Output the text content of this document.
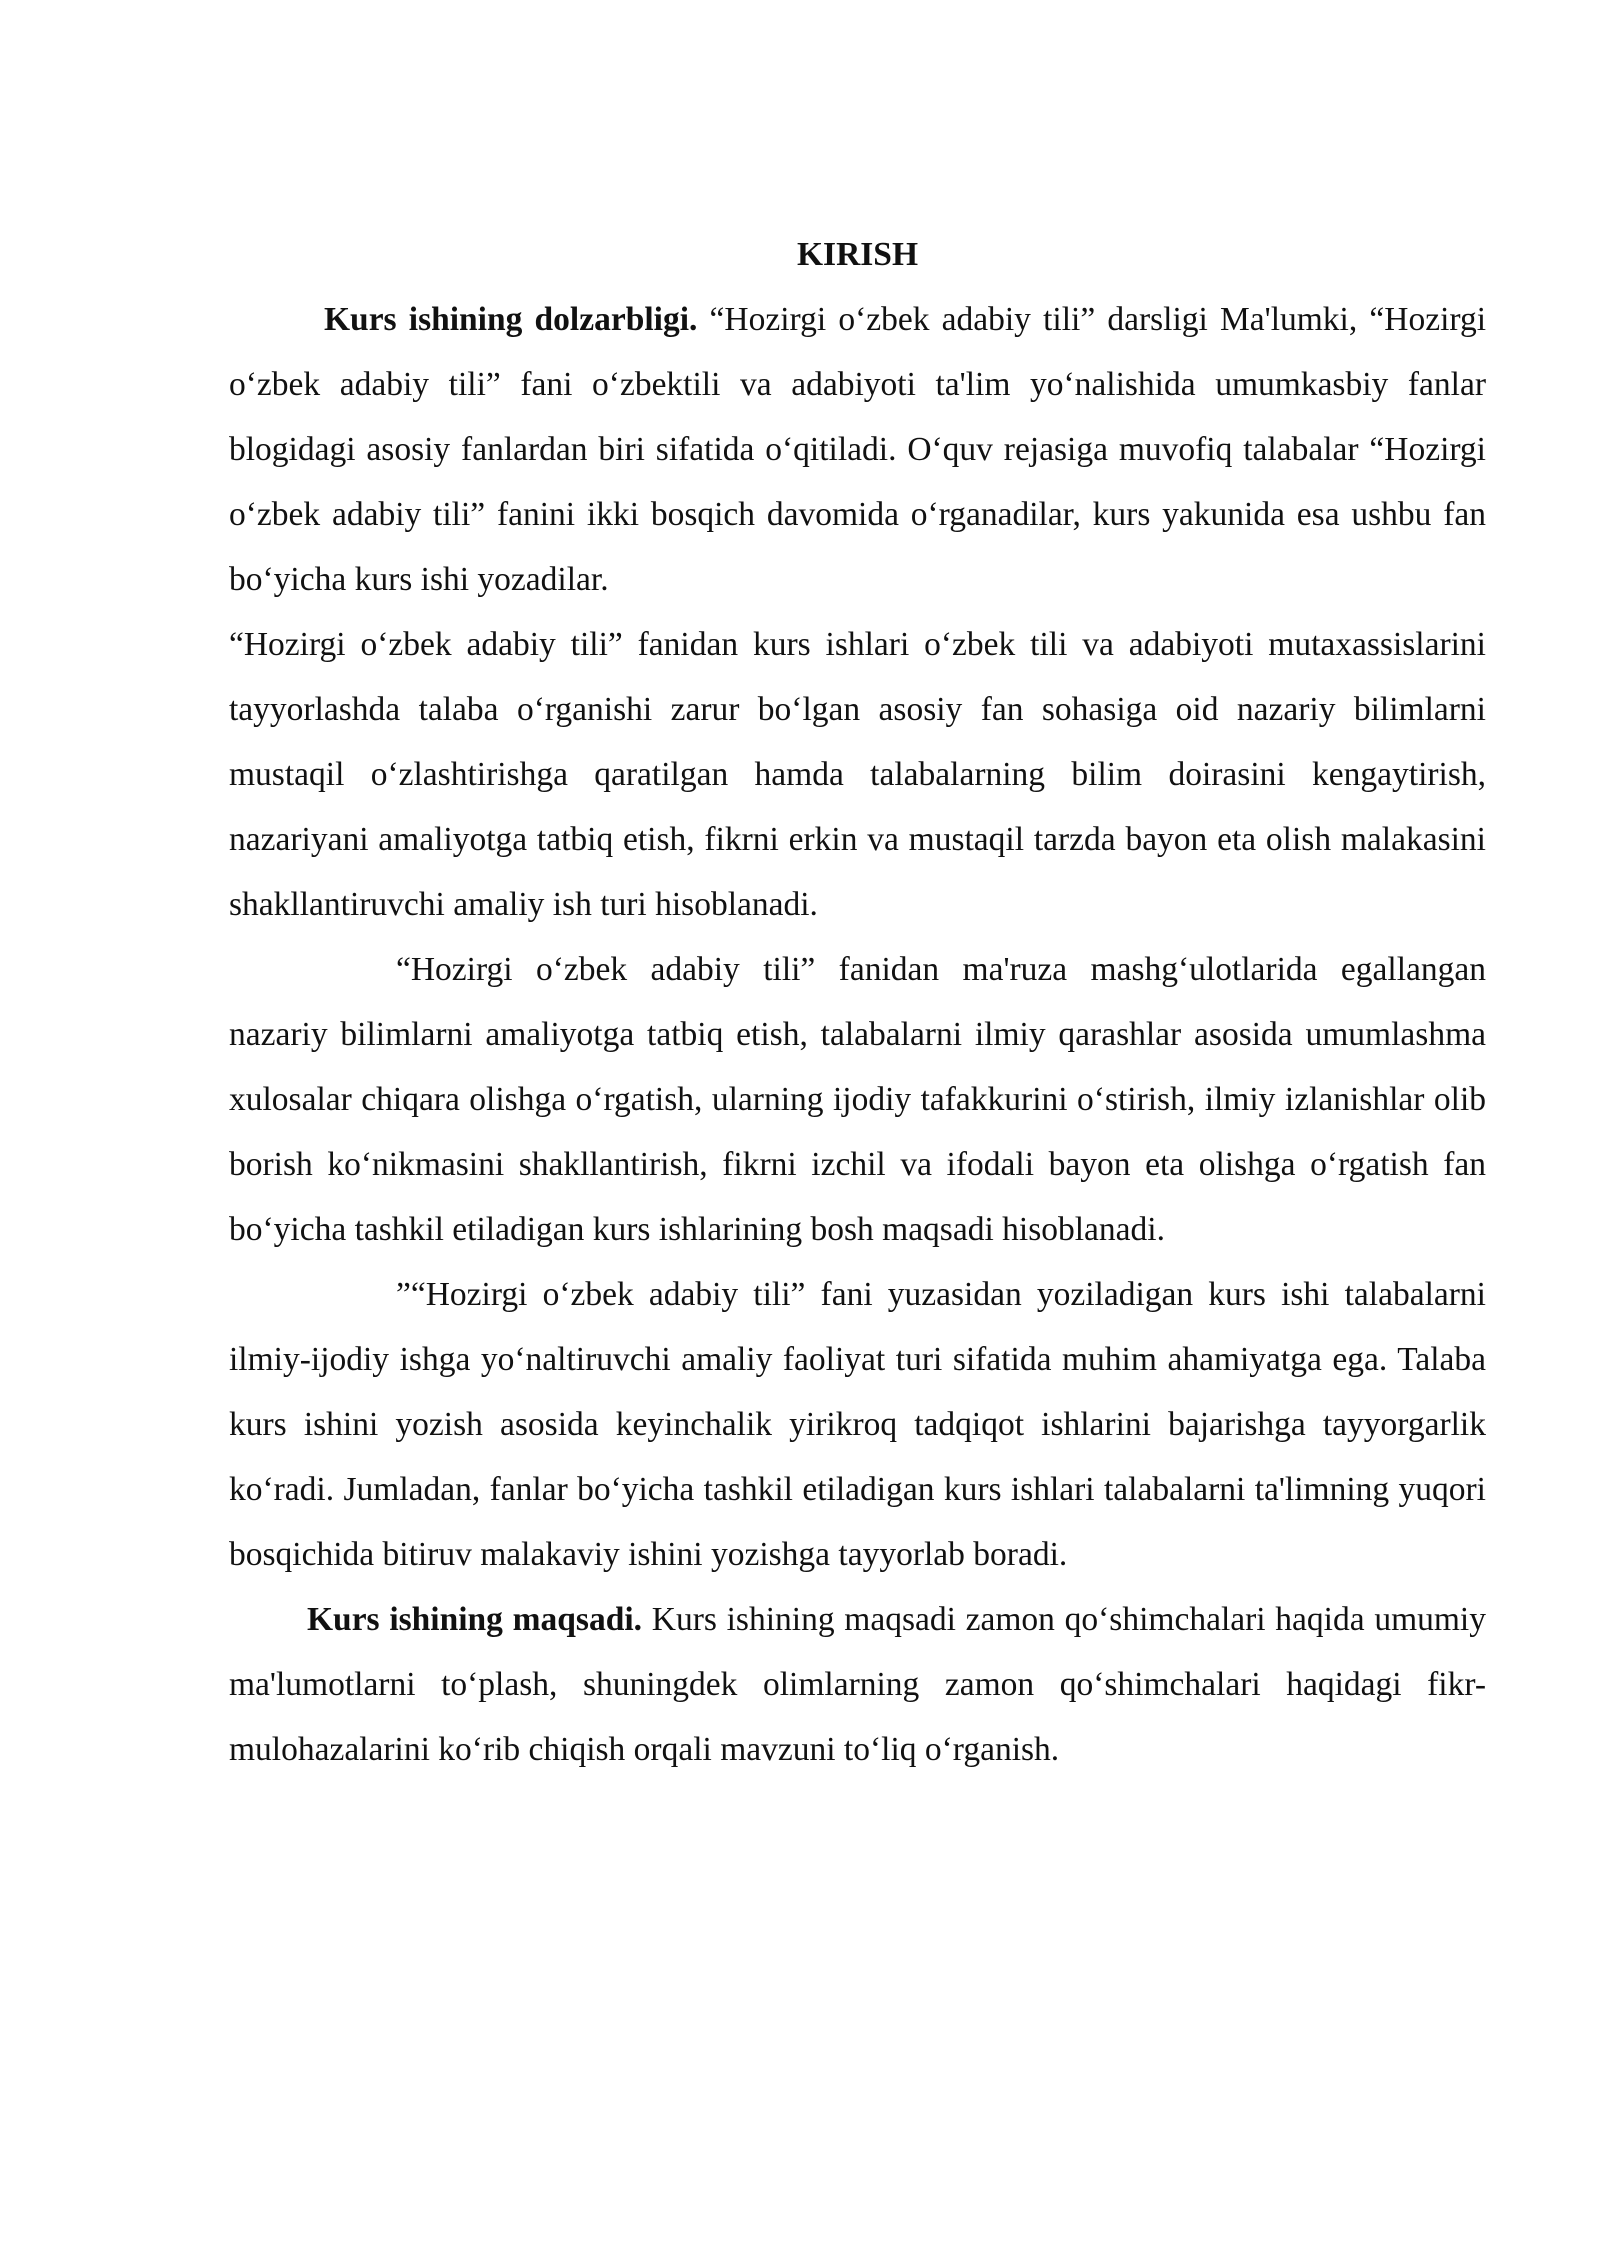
KIRISH

Kurs ishining dolzarbligi. “Hozirgi oʻzbek adabiy tili” darsligi Ma'lumki, “Hozirgi oʻzbek adabiy tili” fani oʻzbektili va adabiyoti ta'lim yoʻnalishida umumkasbiy fanlar blogidagi asosiy fanlardan biri sifatida oʻqitiladi. Oʻquv rejasiga muvofiq talabalar “Hozirgi oʻzbek adabiy tili” fanini ikki bosqich davomida oʻrganadilar, kurs yakunida esa ushbu fan boʻyicha kurs ishi yozadilar.

“Hozirgi oʻzbek adabiy tili” fanidan kurs ishlari oʻzbek tili va adabiyoti mutaxassislarini tayyorlashda talaba oʻrganishi zarur boʻlgan asosiy fan sohasiga oid nazariy bilimlarni mustaqil oʻzlashtirishga qaratilgan hamda talabalarning bilim doirasini kengaytirish, nazariyani amaliyotga tatbiq etish, fikrni erkin va mustaqil tarzda bayon eta olish malakasini shakllantiruvchi amaliy ish turi hisoblanadi.

“Hozirgi oʻzbek adabiy tili” fanidan ma'ruza mashgʻulotlarida egallangan nazariy bilimlarni amaliyotga tatbiq etish, talabalarni ilmiy qarashlar asosida umumlashma xulosalar chiqara olishga oʻrgatish, ularning ijodiy tafakkurini oʻstirish, ilmiy izlanishlar olib borish koʻnikmasini shakllantirish, fikrni izchil va ifodali bayon eta olishga oʻrgatish fan boʻyicha tashkil etiladigan kurs ishlarining bosh maqsadi hisoblanadi.

”“Hozirgi oʻzbek adabiy tili” fani yuzasidan yoziladigan kurs ishi talabalarni ilmiy-ijodiy ishga yoʻnaltiruvchi amaliy faoliyat turi sifatida muhim ahamiyatga ega. Talaba kurs ishini yozish asosida keyinchalik yirikroq tadqiqot ishlarini bajarishga tayyorgarlik koʻradi. Jumladan, fanlar boʻyicha tashkil etiladigan kurs ishlari talabalarni ta'limning yuqori bosqichida bitiruv malakaviy ishini yozishga tayyorlab boradi.

Kurs ishining maqsadi. Kurs ishining maqsadi zamon qoʻshimchalari haqida umumiy ma'lumotlarni toʻplash, shuningdek olimlarning zamon qoʻshimchalari haqidagi fikr-mulohazalarini koʻrib chiqish orqali mavzuni toʻliq oʻrganish.
